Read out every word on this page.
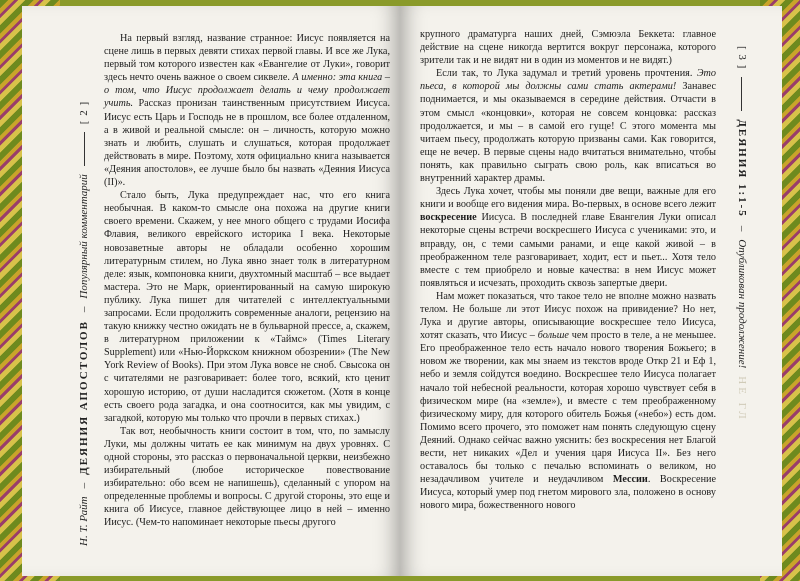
Н. Т. Райт
–
ДЕЯНИЯ АПОСТОЛОВ
–
Популярный комментарий
[ 2 ]

На первый взгляд, название странное: Иисус появляется на сцене лишь в первых девяти стихах первой главы. И все же Лука, первый том которого известен как «Евангелие от Луки», говорит здесь нечто очень важное о своем сиквеле. А именно: эта книга – о том, что Иисус продолжает делать и чему продолжает учить. Рассказ пронизан таинственным присутствием Иисуса. Иисус есть Царь и Господь не в прошлом, все более отдаленном, а в живой и реальной смысле: он – личность, которую можно знать и любить, слушать и слушаться, которая продолжает действовать в мире. Поэтому, хотя официально книга называется «Деяния апостолов», ее лучше было бы назвать «Деяния Иисуса (II)».

Стало быть, Лука предупреждает нас, что его книга необычная. В каком-то смысле она похожа на другие книги своего времени. Скажем, у нее много общего с трудами Иосифа Флавия, великого еврейского историка I века. Некоторые новозаветные авторы не обладали особенно хорошим литературным стилем, но Лука явно знает толк в литературном деле: язык, компоновка книги, двухтомный масштаб – все выдает мастера. Это не Марк, ориентированный на самую широкую публику. Лука пишет для читателей с интеллектуальными запросами. Если продолжить современные аналоги, рецензию на такую книжку честно ожидать не в бульварной прессе, а, скажем, в литературном приложении к «Таймс» (Times Literary Supplement) или «Нью-Йоркском книжном обозрении» (The New York Review of Books). При этом Лука вовсе не сноб. Свысока он с читателями не разговаривает: более того, всякий, кто ценит хорошую историю, от души насладится сюжетом. (Хотя в конце есть своего рода загадка, и она соотносится, как мы увидим, с загадкой, которую мы только что прочли в первых стихах.)

Так вот, необычность книги состоит в том, что, по замыслу Луки, мы должны читать ее как минимум на двух уровнях. С одной стороны, это рассказ о первоначальной церкви, неизбежно избирательный (любое историческое повествование избирательно: обо всем не напишешь), сделанный с упором на определенные проблемы и вопросы. С другой стороны, это еще и книга об Иисусе, главное действующее лицо в ней – именно Иисус. (Чем-то напоминает некоторые пьесы другого

крупного драматурга наших дней, Сэмюэла Беккета: главное действие на сцене никогда вертится вокруг персонажа, которого зрители так и не видят ни в один из моментов и не видят.)

Если так, то Лука задумал и третий уровень прочтения. Это пьеса, в которой мы должны сами стать актерами! Занавес поднимается, и мы оказываемся в середине действия. Отчасти в этом смысл «концовки», которая не совсем концовка: рассказ продолжается, и мы – в самой его гуще! С этого момента мы читаем пьесу, продолжать которую призваны сами. Как говорится, еще не вечер. В первые сцены надо вчитаться внимательно, чтобы понять, как правильно сыграть свою роль, как вписаться во внутренний характер драмы.

Здесь Лука хочет, чтобы мы поняли две вещи, важные для его книги и вообще его видения мира. Во-первых, в основе всего лежит воскресение Иисуса. В последней главе Евангелия Луки описал некоторые сцены встречи воскресшего Иисуса с учениками: это, и вправду, он, с теми самыми ранами, и еще какой живой – в преображенном теле разговаривает, ходит, ест и пьет... Хотя тело вместе с тем приобрело и новые качества: в нем Иисус может появляться и исчезать, проходить сквозь запертые двери.

Нам может показаться, что такое тело не вполне можно назвать телом. Не больше ли этот Иисус похож на привидение? Но нет, Лука и другие авторы, описывающие воскресшее тело Иисуса, хотят сказать, что Иисус – больше чем просто в теле, а не меньшее. Его преображенное тело есть начало нового творения Божьего; в новом же творении, как мы знаем из текстов вроде Откр 21 и Еф 1, небо и земля сойдутся воедино. Воскресшее тело Иисуса полагает начало той небесной реальности, которая хорошо чувствует себя в физическом мире (на «земле»), и вместе с тем преображенному физическому миру, для которого обитель Божья («небо») есть дом. Помимо всего прочего, это поможет нам понять следующую сцену Деяний. Однако сейчас важно уяснить: без воскресения нет Благой вести, нет никаких «Дел и учения царя Иисуса II». Без него оставалось бы только с печалью вспоминать о великом, но незадачливом учителе и неудачливом Мессии. Воскресение Иисуса, который умер под гнетом мирового зла, положено в основу нового мира, божественного нового

[ 3 ]
ДЕЯНИЯ 1:1-5
–
Опубликован продолжение!
НЕ ГЛ
